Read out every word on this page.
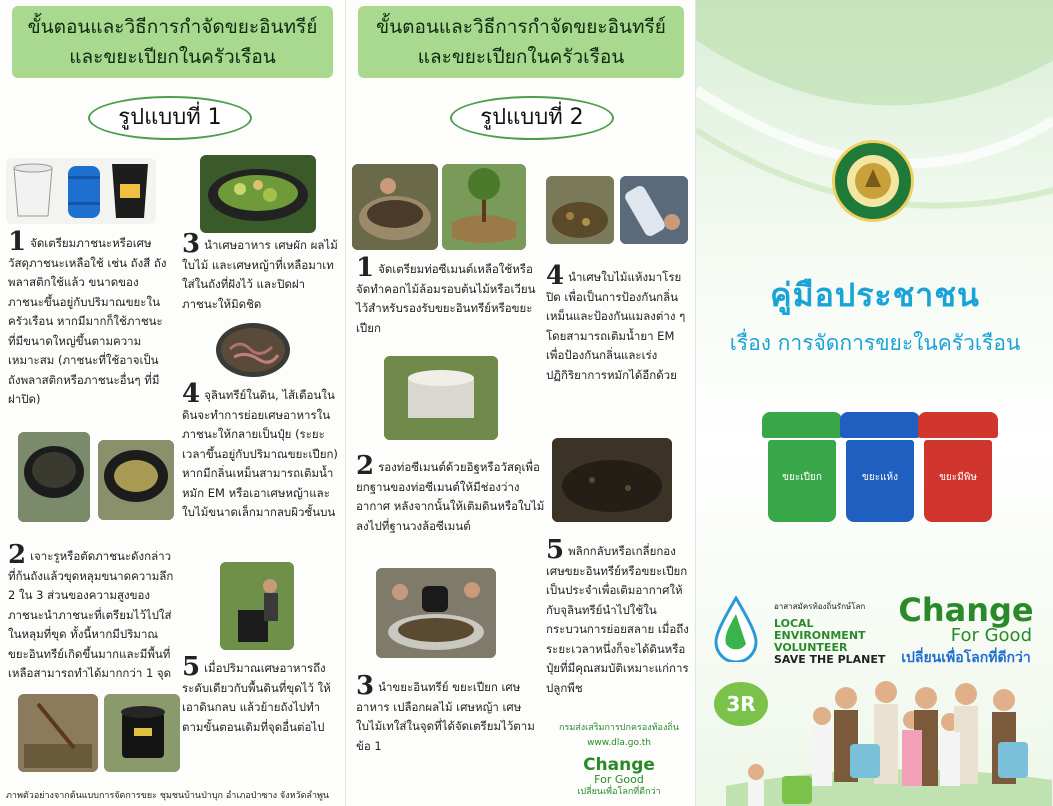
ขั้นตอนและวิธีการกำจัดขยะอินทรีย์
และขยะเปียกในครัวเรือน
รูปแบบที่ 1
1 จัดเตรียมภาชนะหรือเศษวัสดุภาชนะเหลือใช้ เช่น ถังสี ถังพลาสติกใช้แล้ว ขนาดของภาชนะขึ้นอยู่กับปริมาณขยะในครัวเรือน หากมีมากก็ใช้ภาชนะที่มีขนาดใหญ่ขึ้นตามความเหมาะสม (ภาชนะที่ใช้อาจเป็นถังพลาสติกหรือภาชนะอื่นๆ ที่มีฝาปิด)
3 นำเศษอาหาร เศษผัก ผลไม้ ใบไม้ และเศษหญ้าที่เหลือมาเทใส่ในถังที่ฝังไว้ และปิดฝาภาชนะให้มิดชิด
4 จุลินทรีย์ในดิน, ไส้เดือนในดินจะทำการย่อยเศษอาหารในภาชนะให้กลายเป็นปุ๋ย (ระยะเวลาขึ้นอยู่กับปริมาณขยะเปียก) หากมีกลิ่นเหม็นสามารถเติมน้ำหมัก EM หรือเอาเศษหญ้าและใบไม้ขนาดเล็กมากลบผิวชั้นบน
2 เจาะรูหรือตัดภาชนะดังกล่าวที่ก้นถังแล้วขุดหลุมขนาดความลึก 2 ใน 3 ส่วนของความสูงของภาชนะนำภาชนะที่เตรียมไว้ไปใส่ในหลุมที่ขุด ทั้งนี้หากมีปริมาณขยะอินทรีย์เกิดขึ้นมากและมีพื้นที่เหลือสามารถทำได้มากกว่า 1 จุด 5 เมื่อปริมาณเศษอาหารถึงระดับเดียวกับพื้นดินที่ขุดไว้ ให้เอาดินกลบ แล้วย้ายถังไปทำตามขั้นตอนเดิมที่จุดอื่นต่อไป
ภาพตัวอย่างจากต้นแบบการจัดการขยะ ชุมชนบ้านป่าบุก อำเภอป่าซาง จังหวัดลำพูน
ขั้นตอนและวิธีการกำจัดขยะอินทรีย์
และขยะเปียกในครัวเรือน
รูปแบบที่ 2
1 จัดเตรียมท่อซีเมนต์เหลือใช้หรือจัดทำคอกไม้ล้อมรอบต้นไม้หรือเวียน ไว้สำหรับรองรับขยะอินทรีย์หรือขยะเปียก
4 นำเศษใบไม้แห้งมาโรยปิด เพื่อเป็นการป้องกันกลิ่นเหม็นและป้องกันแมลงต่าง ๆ โดยสามารถเติมน้ำยา EM เพื่อป้องกันกลิ่นและเร่งปฏิกิริยาการหมักได้อีกด้วย
2 รองท่อซีเมนต์ด้วยอิฐหรือวัสดุเพื่อยกฐานของท่อซีเมนต์ให้มีช่องว่างอากาศ หลังจากนั้นให้เติมดินหรือใบไม้ลงไปที่ฐานวงล้อซีเมนต์
5 พลิกกลับหรือเกลี่ยกองเศษขยะอินทรีย์หรือขยะเปียกเป็นประจำเพื่อเติมอากาศให้กับจุลินทรีย์นำไปใช้ในกระบวนการย่อยสลาย เมื่อถึงระยะเวลาหนึ่งก็จะได้ดินหรือปุ๋ยที่มีคุณสมบัติเหมาะแก่การปลูกพืช
3 นำขยะอินทรีย์ ขยะเปียก เศษอาหาร เปลือกผลไม้ เศษหญ้า เศษใบไม้เทใส่ในจุดที่ได้จัดเตรียมไว้ตามข้อ 1
กรมส่งเสริมการปกครองท้องถิ่น
www.dla.go.th
Change
For Good
เปลี่ยนเพื่อโลกที่ดีกว่า
คู่มือประชาชน
เรื่อง การจัดการขยะในครัวเรือน
ขยะเปียก	ขยะแห้ง	ขยะมีพิษ
อาสาสมัครท้องถิ่นรักษ์โลก
LOCAL
ENVIRONMENT
VOLUNTEER
SAVE THE PLANET
Change
For Good
เปลี่ยนเพื่อโลกที่ดีกว่า
3R
